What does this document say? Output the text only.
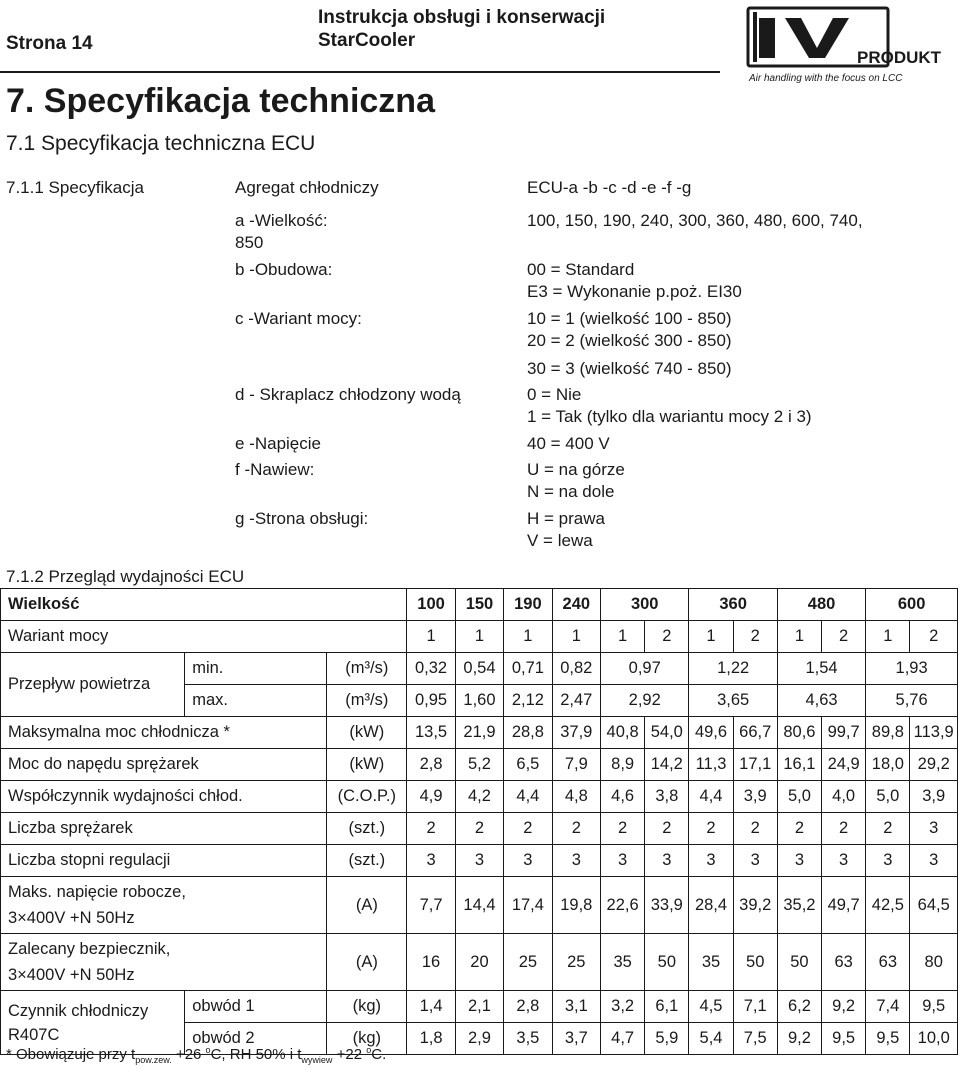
Strona 14
Instrukcja obsługi i konserwacji
StarCooler
PRODUKT
Air handling with the focus on LCC
7. Specyfikacja techniczna
7.1 Specyfikacja techniczna ECU
7.1.1 Specyfikacja	Agregat chłodniczy	ECU-a -b -c -d -e -f -g
a -Wielkość:	100, 150, 190, 240, 300, 360, 480, 600, 740,
850
b -Obudowa:	00 = Standard
E3 = Wykonanie p.poż. EI30
c -Wariant mocy:	10 = 1 (wielkość 100 - 850)
20 = 2 (wielkość 300 - 850)
30 = 3 (wielkość 740 - 850)
d - Skraplacz chłodzony wodą	0 = Nie
1 = Tak (tylko dla wariantu mocy 2 i 3)
e -Napięcie	40 = 400 V
f -Nawiew:	U = na górze
N = na dole
g -Strona obsługi:	H = prawa
V = lewa
7.1.2 Przegląd wydajności ECU
Wielkość			100	150	190	240	300		360		480		600	
Wariant mocy			1	1	1	1	1	2	1	2	1	2	1	2
Przepływ powietrza	min.	(m³/s)	0,32	0,54	0,71	0,82	0,97		1,22		1,54		1,93	
	max.	(m³/s)	0,95	1,60	2,12	2,47	2,92		3,65		4,63		5,76	
Maksymalna moc chłodnicza *		(kW)	13,5	21,9	28,8	37,9	40,8	54,0	49,6	66,7	80,6	99,7	89,8	113,9
Moc do napędu sprężarek		(kW)	2,8	5,2	6,5	7,9	8,9	14,2	11,3	17,1	16,1	24,9	18,0	29,2
Współczynnik wydajności chłod.		(C.O.P.)	4,9	4,2	4,4	4,8	4,6	3,8	4,4	3,9	5,0	4,0	5,0	3,9
Liczba sprężarek		(szt.)	2	2	2	2	2	2	2	2	2	2	2	3
Liczba stopni regulacji		(szt.)	3	3	3	3	3	3	3	3	3	3	3	3

Maks. napięcie robocze,
3×400V +N 50Hz		(A)	7,7	14,4	17,4	19,8	22,6	33,9	28,4	39,2	35,2	49,7	42,5	64,5

Zalecany bezpiecznik,
3×400V +N 50Hz		(A)	16	20	25	25	35	50	35	50	50	63	63	80

Czynnik chłodniczy
R407C	obwód 1	(kg)	1,4	2,1	2,8	3,1	3,2	6,1	4,5	7,1	6,2	9,2	7,4	9,5
	obwód 2	(kg)	1,8	2,9	3,5	3,7	4,7	5,9	5,4	7,5	9,2	9,5	9,5	10,0
* Obowiązuje przy $t_{pow.zew.} +26$ $^o$C, RH 50% i $t_{wywiew} +22$ $^o$C.
